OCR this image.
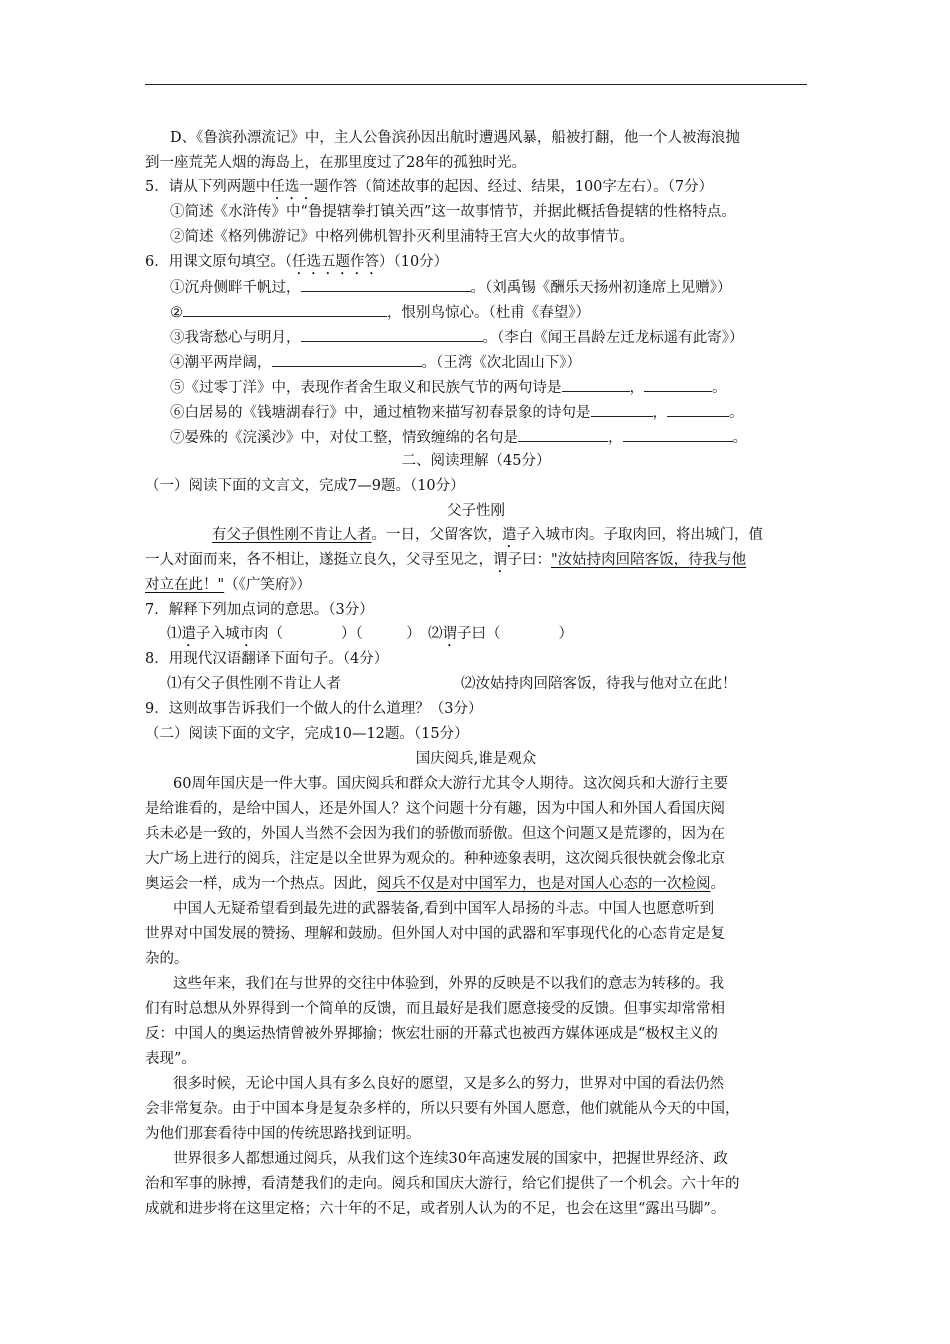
D、《鲁滨孙漂流记》中，主人公鲁滨孙因出航时遭遇风暴，船被打翻，他一个人被海浪抛

到一座荒芜人烟的海岛上，在那里度过了28年的孤独时光。

5．请从下列两题中任选一题作答（简述故事的起因、经过、结果，100字左右）。（7分）

①简述《水浒传》中“鲁提辖拳打镇关西”这一故事情节，并据此概括鲁提辖的性格特点。

②简述《格列佛游记》中格列佛机智扑灭利里浦特王宫大火的故事情节。

6．用课文原句填空。（任选五题作答）（10分）

①沉舟侧畔千帆过，	。（刘禹锡《酬乐天扬州初逢席上见赠》）

②	，恨别鸟惊心。（杜甫《春望》）

③我寄愁心与明月，	。（李白《闻王昌龄左迁龙标遥有此寄》）

④潮平两岸阔，	。（王湾《次北固山下》）

⑤《过零丁洋》中，表现作者舍生取义和民族气节的两句诗是	，	。

⑥白居易的《钱塘湖春行》中，通过植物来描写初春景象的诗句是	，	。

⑦晏殊的《浣溪沙》中，对仗工整，情致缠绵的名句是	，	。

二、阅读理解（45分）

（一）阅读下面的文言文，完成7—9题。（10分）

父子性刚

有父子俱性刚不肯让人者。一日，父留客饮，遣子入城市肉。子取肉回，将出城门，值

一人对面而来，各不相让，遂挺立良久，父寻至见之，谓子曰："汝姑持肉回陪客饭，待我与他

对立在此！"（《广笑府》）

7．解释下列加点词的意思。（3分）

⑴遣子入城市肉（　　　　）（　　　）　⑵谓子曰（　　　　）

8．用现代汉语翻译下面句子。（4分）

⑴有父子俱性刚不肯让人者	⑵汝姑持肉回陪客饭，待我与他对立在此！

9．这则故事告诉我们一个做人的什么道理？（3分）

（二）阅读下面的文字，完成10—12题。（15分）

国庆阅兵,谁是观众

60周年国庆是一件大事。国庆阅兵和群众大游行尤其令人期待。这次阅兵和大游行主要

是给谁看的，是给中国人，还是外国人？这个问题十分有趣，因为中国人和外国人看国庆阅

兵未必是一致的，外国人当然不会因为我们的骄傲而骄傲。但这个问题又是荒谬的，因为在

大广场上进行的阅兵，注定是以全世界为观众的。种种迹象表明，这次阅兵很快就会像北京

奥运会一样，成为一个热点。因此，阅兵不仅是对中国军力，也是对国人心态的一次检阅。

中国人无疑希望看到最先进的武器装备,看到中国军人昂扬的斗志。中国人也愿意听到

世界对中国发展的赞扬、理解和鼓励。但外国人对中国的武器和军事现代化的心态肯定是复

杂的。

这些年来，我们在与世界的交往中体验到，外界的反映是不以我们的意志为转移的。我

们有时总想从外界得到一个简单的反馈，而且最好是我们愿意接受的反馈。但事实却常常相

反：中国人的奥运热情曾被外界揶揄；恢宏壮丽的开幕式也被西方媒体诬成是“极权主义的

表现”。

很多时候，无论中国人具有多么良好的愿望，又是多么的努力，世界对中国的看法仍然

会非常复杂。由于中国本身是复杂多样的，所以只要有外国人愿意，他们就能从今天的中国，

为他们那套看待中国的传统思路找到证明。

世界很多人都想通过阅兵，从我们这个连续30年高速发展的国家中，把握世界经济、政

治和军事的脉搏，看清楚我们的走向。阅兵和国庆大游行，给它们提供了一个机会。六十年的

成就和进步将在这里定格；六十年的不足，或者别人认为的不足，也会在这里“露出马脚”。
